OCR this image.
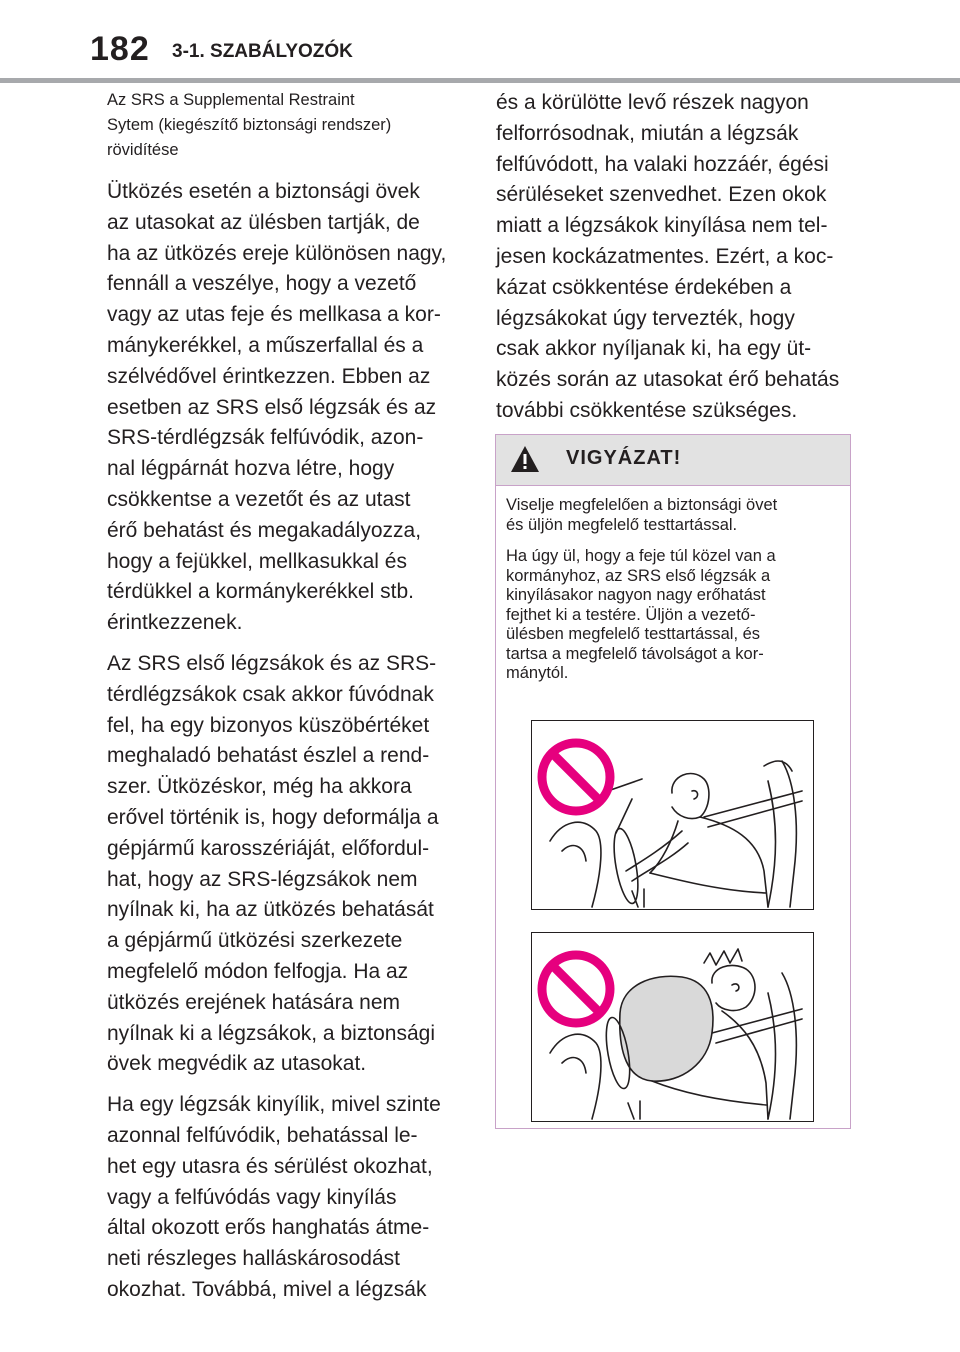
182 3-1. SZABÁLYOZÓK

Az SRS a Supplemental Restraint
Sytem (kiegészítő biztonsági rendszer)
rövidítése

Ütközés esetén a biztonsági övek
az utasokat az ülésben tartják, de
ha az ütközés ereje különösen nagy,
fennáll a veszélye, hogy a vezető
vagy az utas feje és mellkasa a kor-
mánykerékkel, a műszerfallal és a
szélvédővel érintkezzen. Ebben az
esetben az SRS első légzsák és az
SRS-térdlégzsák felfúvódik, azon-
nal légpárnát hozva létre, hogy
csökkentse a vezetőt és az utast
érő behatást és megakadályozza,
hogy a fejükkel, mellkasukkal és
térdükkel a kormánykerékkel stb.
érintkezzenek.

Az SRS első légzsákok és az SRS-
térdlégzsákok csak akkor fúvódnak
fel, ha egy bizonyos küszöbértéket
meghaladó behatást észlel a rend-
szer. Ütközéskor, még ha akkora
erővel történik is, hogy deformálja a
gépjármű karosszériáját, előfordul-
hat, hogy az SRS-légzsákok nem
nyílnak ki, ha az ütközés behatását
a gépjármű ütközési szerkezete
megfelelő módon felfogja. Ha az
ütközés erejének hatására nem
nyílnak ki a légzsákok, a biztonsági
övek megvédik az utasokat.

Ha egy légzsák kinyílik, mivel szinte
azonnal felfúvódik, behatással le-
het egy utasra és sérülést okozhat,
vagy a felfúvódás vagy kinyílás
által okozott erős hanghatás átme-
neti részleges halláskárosodást
okozhat. Továbbá, mivel a légzsák

és a körülötte levő részek nagyon
felforrósodnak, miután a légzsák
felfúvódott, ha valaki hozzáér, égési
sérüléseket szenvedhet. Ezen okok
miatt a légzsákok kinyílása nem tel-
jesen kockázatmentes. Ezért, a koc-
kázat csökkentése érdekében a
légzsákokat úgy tervezték, hogy
csak akkor nyíljanak ki, ha egy üt-
közés során az utasokat érő behatás
további csökkentése szükséges.

VIGYÁZAT!

Viselje megfelelően a biztonsági övet
és üljön megfelelő testtartással.

Ha úgy ül, hogy a feje túl közel van a
kormányhoz, az SRS első légzsák a
kinyílásakor nagyon nagy erőhatást
fejthet ki a testére. Üljön a vezető-
ülésben megfelelő testtartással, és
tartsa a megfelelő távolságot a kor-
mánytól.
